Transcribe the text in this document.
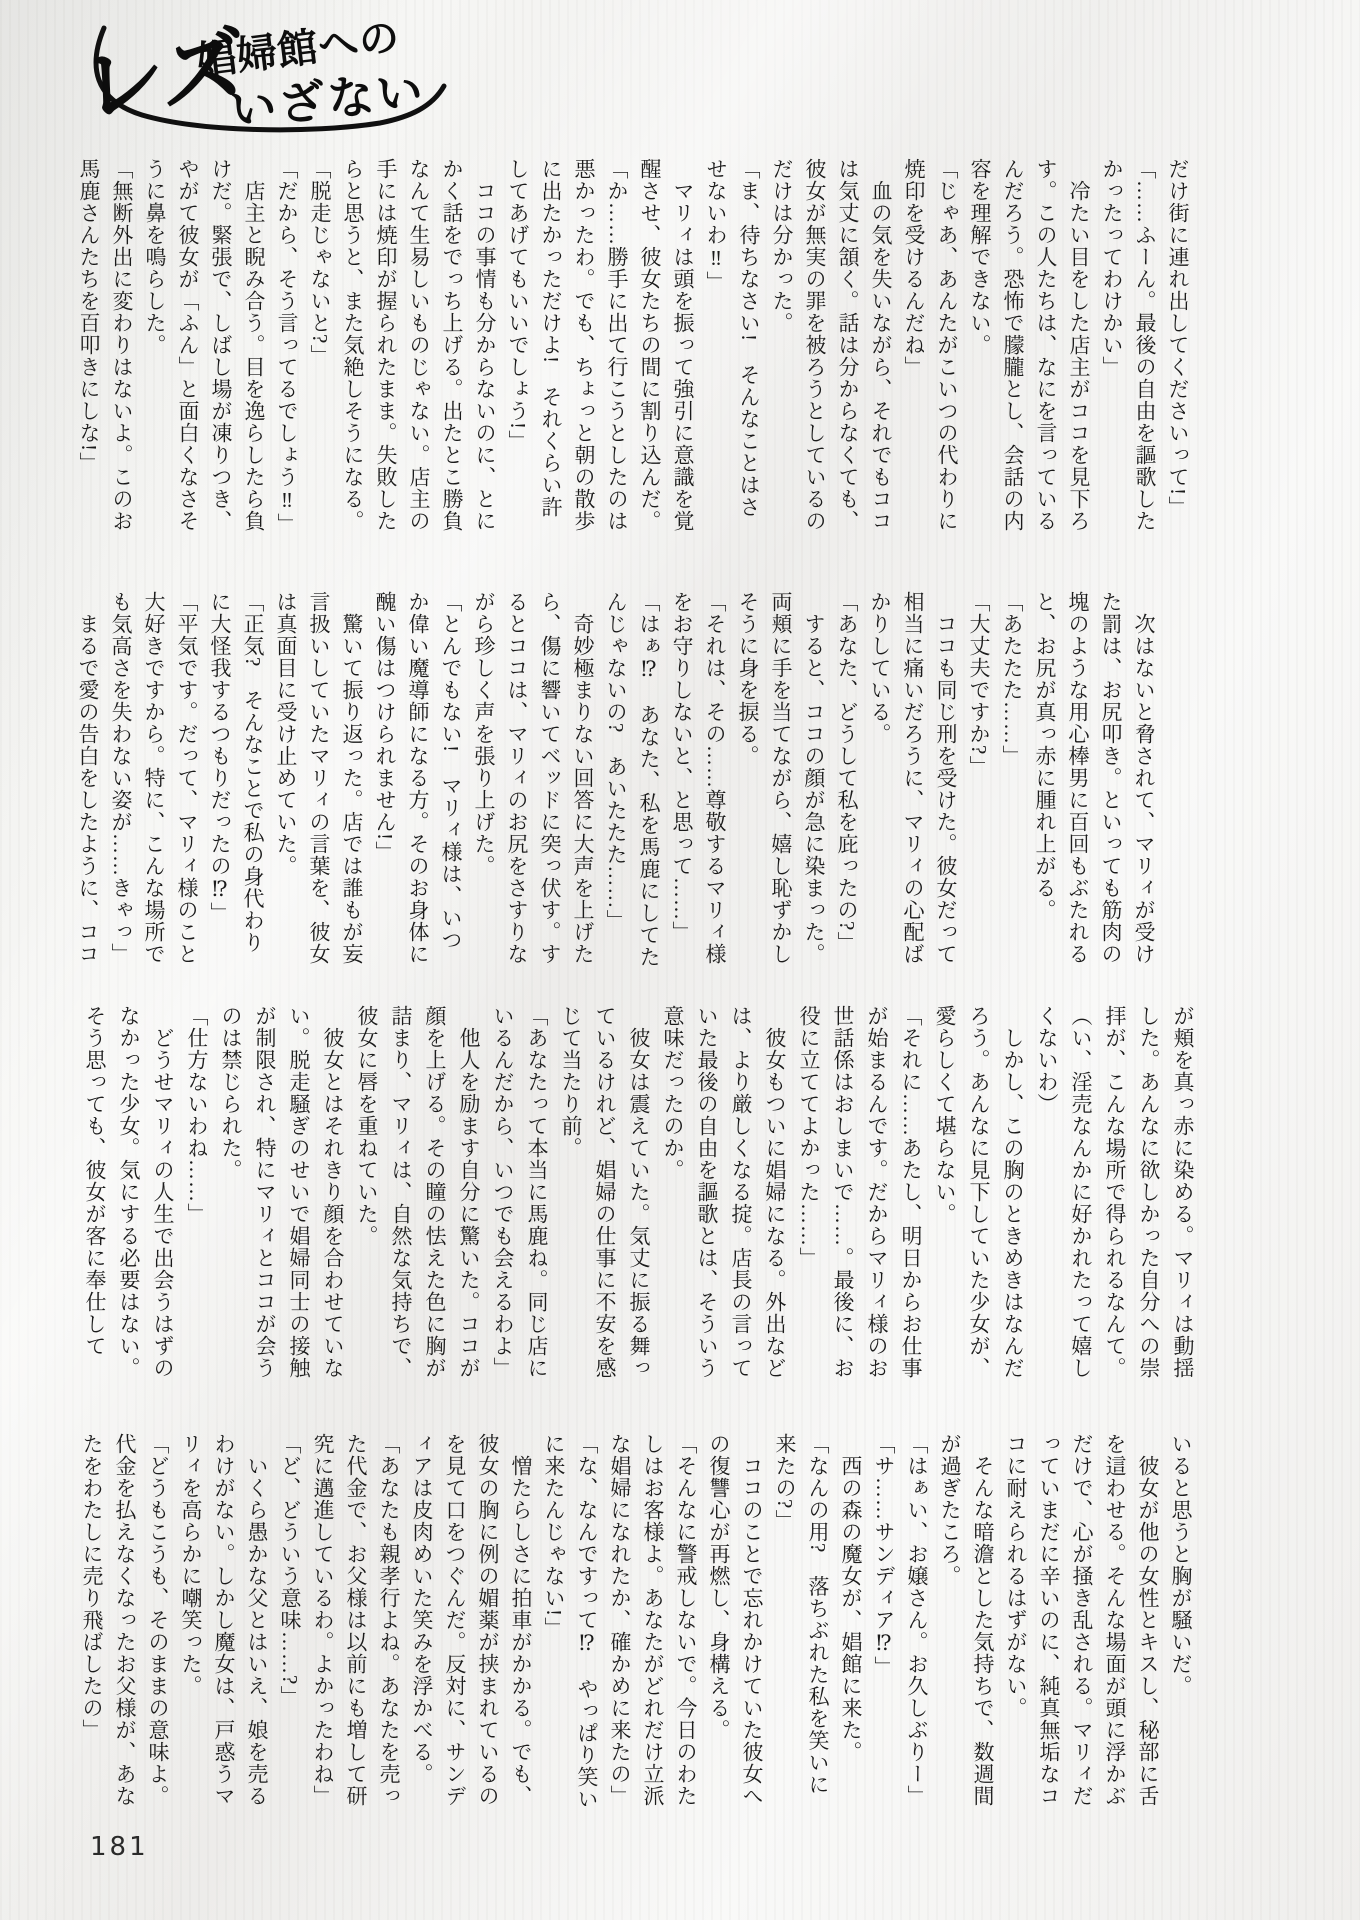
レズ
娼婦館への
いざない

だけ街に連れ出してくださいって!」

「……ふーん。最後の自由を謳歌したかったってわけかい」

冷たい目をした店主がココを見下ろす。この人たちは、なにを言っているんだろう。恐怖で朦朧とし、会話の内容を理解できない。

「じゃあ、あんたがこいつの代わりに焼印を受けるんだね」

血の気を失いながら、それでもココは気丈に頷く。話は分からなくても、彼女が無実の罪を被ろうとしているのだけは分かった。

「ま、待ちなさい!　そんなことはさせないわ‼」

マリィは頭を振って強引に意識を覚醒させ、彼女たちの間に割り込んだ。

「か……勝手に出て行こうとしたのは悪かったわ。でも、ちょっと朝の散歩に出たかっただけよ!　それくらい許してあげてもいいでしょう!」

ココの事情も分からないのに、とにかく話をでっち上げる。出たとこ勝負なんて生易しいものじゃない。店主の手には焼印が握られたまま。失敗したらと思うと、また気絶しそうになる。

「脱走じゃないと?」

「だから、そう言ってるでしょう‼」

店主と睨み合う。目を逸らしたら負けだ。緊張で、しばし場が凍りつき、やがて彼女が「ふん」と面白くなさそうに鼻を鳴らした。

「無断外出に変わりはないよ。このお馬鹿さんたちを百叩きにしな!」

次はないと脅されて、マリィが受けた罰は、お尻叩き。といっても筋肉の塊のような用心棒男に百回もぶたれると、お尻が真っ赤に腫れ上がる。

「あたたた……」

「大丈夫ですか?」

ココも同じ刑を受けた。彼女だって相当に痛いだろうに、マリィの心配ばかりしている。

「あなた、どうして私を庇ったの?」

すると、ココの顔が急に染まった。両頬に手を当てながら、嬉し恥ずかしそうに身を捩る。

「それは、その……尊敬するマリィ様をお守りしないと、と思って……」

「はぁ⁉　あなた、私を馬鹿にしてたんじゃないの?　あいたたた……」

奇妙極まりない回答に大声を上げたら、傷に響いてベッドに突っ伏す。するとココは、マリィのお尻をさすりながら珍しく声を張り上げた。

「とんでもない!　マリィ様は、いつか偉い魔導師になる方。そのお身体に醜い傷はつけられません!」

驚いて振り返った。店では誰もが妄言扱いしていたマリィの言葉を、彼女は真面目に受け止めていた。

「正気?　そんなことで私の身代わりに大怪我するつもりだったの⁉」

「平気です。だって、マリィ様のこと大好きですから。特に、こんな場所でも気高さを失わない姿が……きゃっ」

まるで愛の告白をしたように、ココ

が頬を真っ赤に染める。マリィは動揺した。あんなに欲しかった自分への崇拝が、こんな場所で得られるなんて。

（い、淫売なんかに好かれたって嬉しくないわ）

しかし、この胸のときめきはなんだろう。あんなに見下していた少女が、愛らしくて堪らない。

「それに……あたし、明日からお仕事が始まるんです。だからマリィ様のお世話係はおしまいで……。最後に、お役に立ててよかった……」

彼女もついに娼婦になる。外出などは、より厳しくなる掟。店長の言っていた最後の自由を謳歌とは、そういう意味だったのか。

彼女は震えていた。気丈に振る舞っているけれど、娼婦の仕事に不安を感じて当たり前。

「あなたって本当に馬鹿ね。同じ店にいるんだから、いつでも会えるわよ」

他人を励ます自分に驚いた。ココが顔を上げる。その瞳の怯えた色に胸が詰まり、マリィは、自然な気持ちで、彼女に唇を重ねていた。

彼女とはそれきり顔を合わせていない。脱走騒ぎのせいで娼婦同士の接触が制限され、特にマリィとココが会うのは禁じられた。

「仕方ないわね……」

どうせマリィの人生で出会うはずのなかった少女。気にする必要はない。そう思っても、彼女が客に奉仕して

いると思うと胸が騒いだ。

彼女が他の女性とキスし、秘部に舌を這わせる。そんな場面が頭に浮かぶだけで、心が掻き乱される。マリィだっていまだに辛いのに、純真無垢なココに耐えられるはずがない。

そんな暗澹とした気持ちで、数週間が過ぎたころ。

「はぁい、お嬢さん。お久しぶりー」

「サ……サンディア⁉」

西の森の魔女が、娼館に来た。

「なんの用?　落ちぶれた私を笑いに来たの?」

ココのことで忘れかけていた彼女への復讐心が再燃し、身構える。

「そんなに警戒しないで。今日のわたしはお客様よ。あなたがどれだけ立派な娼婦になれたか、確かめに来たの」

「な、なんですって⁉　やっぱり笑いに来たんじゃない!」

憎たらしさに拍車がかかる。でも、彼女の胸に例の媚薬が挟まれているのを見て口をつぐんだ。反対に、サンディアは皮肉めいた笑みを浮かべる。

「あなたも親孝行よね。あなたを売った代金で、お父様は以前にも増して研究に邁進しているわ。よかったわね」

「ど、どういう意味……?」

いくら愚かな父とはいえ、娘を売るわけがない。しかし魔女は、戸惑うマリィを高らかに嘲笑った。

「どうもこうも、そのままの意味よ。代金を払えなくなったお父様が、あなたをわたしに売り飛ばしたの」

181
